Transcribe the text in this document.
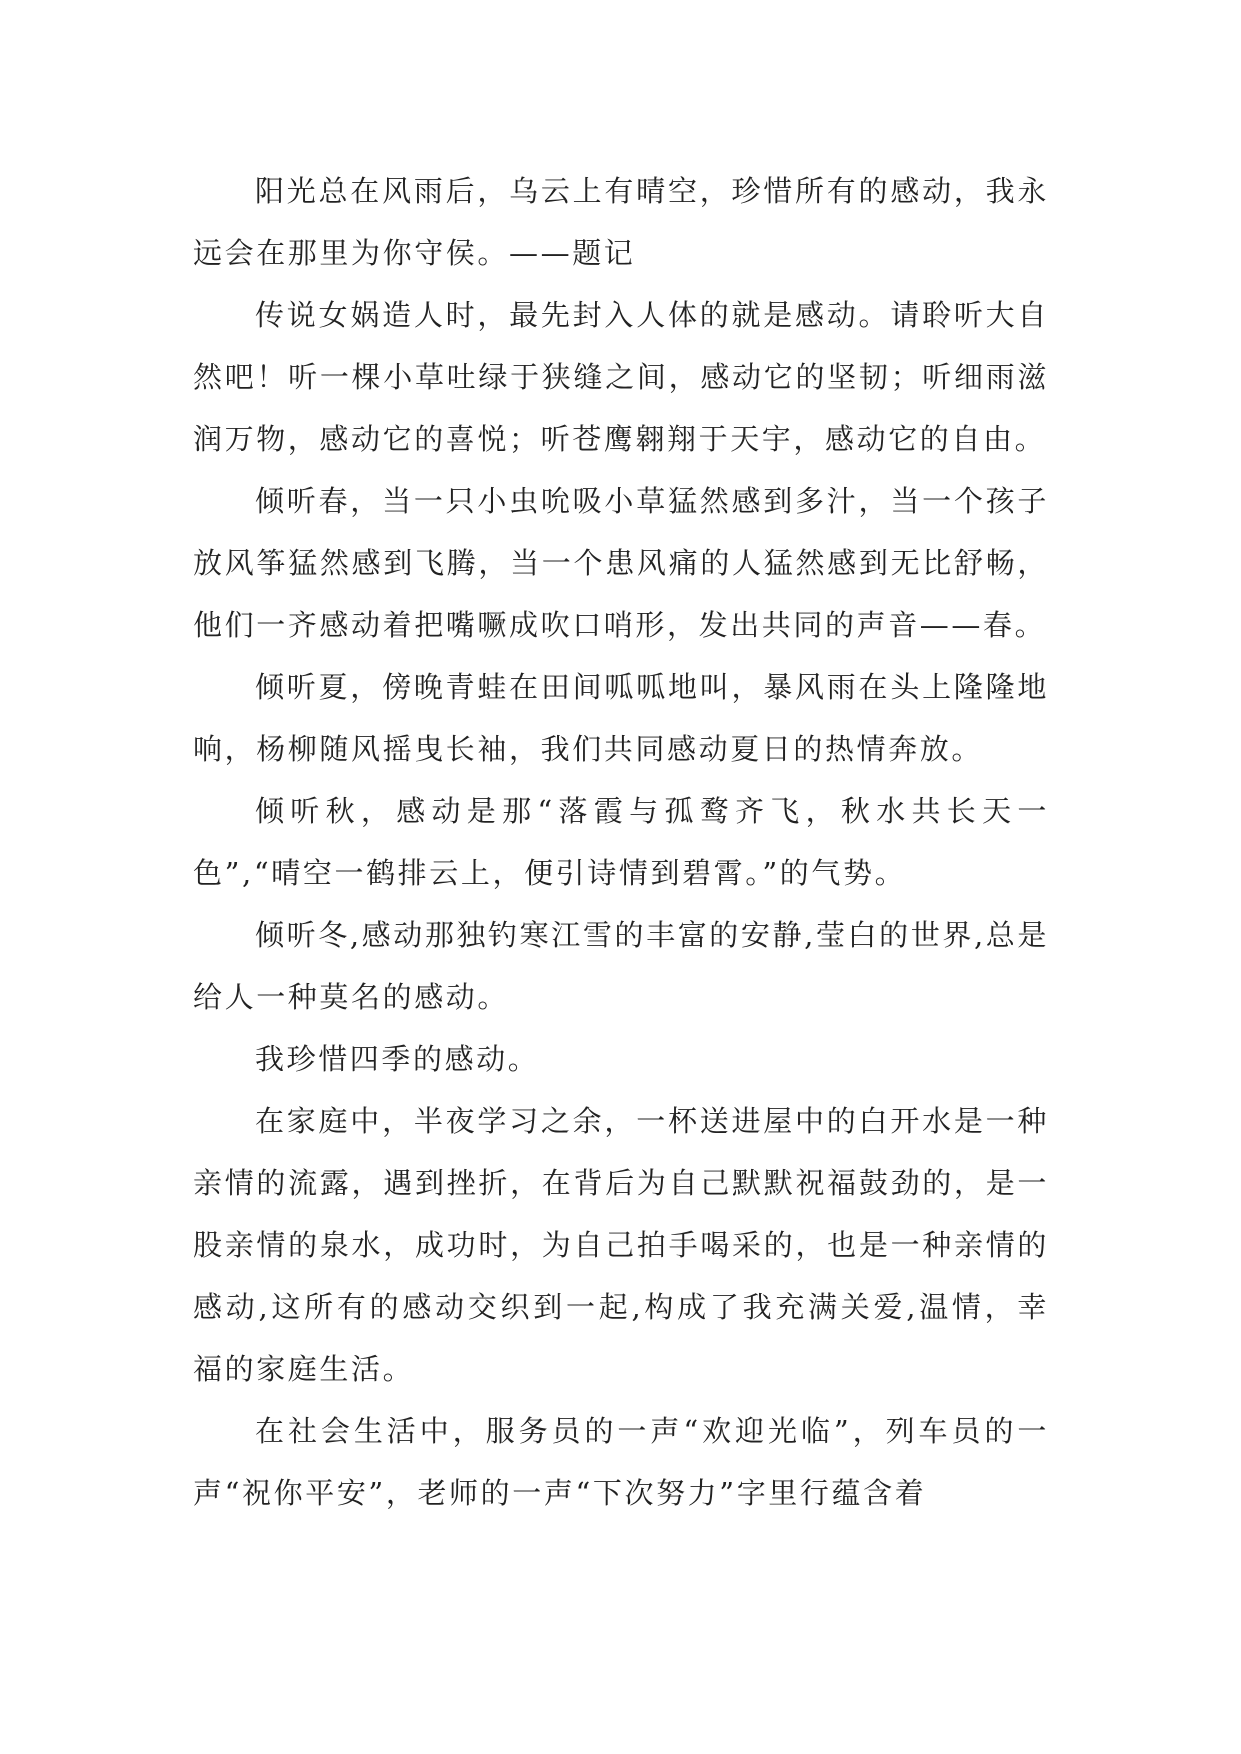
阳光总在风雨后，乌云上有晴空，珍惜所有的感动，我永远会在那里为你守侯。——题记

传说女娲造人时，最先封入人体的就是感动。请聆听大自然吧！听一棵小草吐绿于狭缝之间，感动它的坚韧；听细雨滋润万物，感动它的喜悦；听苍鹰翱翔于天宇，感动它的自由。

倾听春，当一只小虫吮吸小草猛然感到多汁，当一个孩子放风筝猛然感到飞腾，当一个患风痛的人猛然感到无比舒畅，他们一齐感动着把嘴噘成吹口哨形，发出共同的声音——春。

倾听夏，傍晚青蛙在田间呱呱地叫，暴风雨在头上隆隆地响，杨柳随风摇曳长袖，我们共同感动夏日的热情奔放。

倾听秋，感动是那“落霞与孤鹜齐飞，秋水共长天一色”,“晴空一鹤排云上，便引诗情到碧霄。”的气势。

倾听冬,感动那独钓寒江雪的丰富的安静,莹白的世界,总是给人一种莫名的感动。

我珍惜四季的感动。

在家庭中，半夜学习之余，一杯送进屋中的白开水是一种亲情的流露，遇到挫折，在背后为自己默默祝福鼓劲的，是一股亲情的泉水，成功时，为自己拍手喝采的，也是一种亲情的感动,这所有的感动交织到一起,构成了我充满关爱,温情，幸福的家庭生活。

在社会生活中，服务员的一声“欢迎光临”，列车员的一声“祝你平安”，老师的一声“下次努力”字里行蕴含着
